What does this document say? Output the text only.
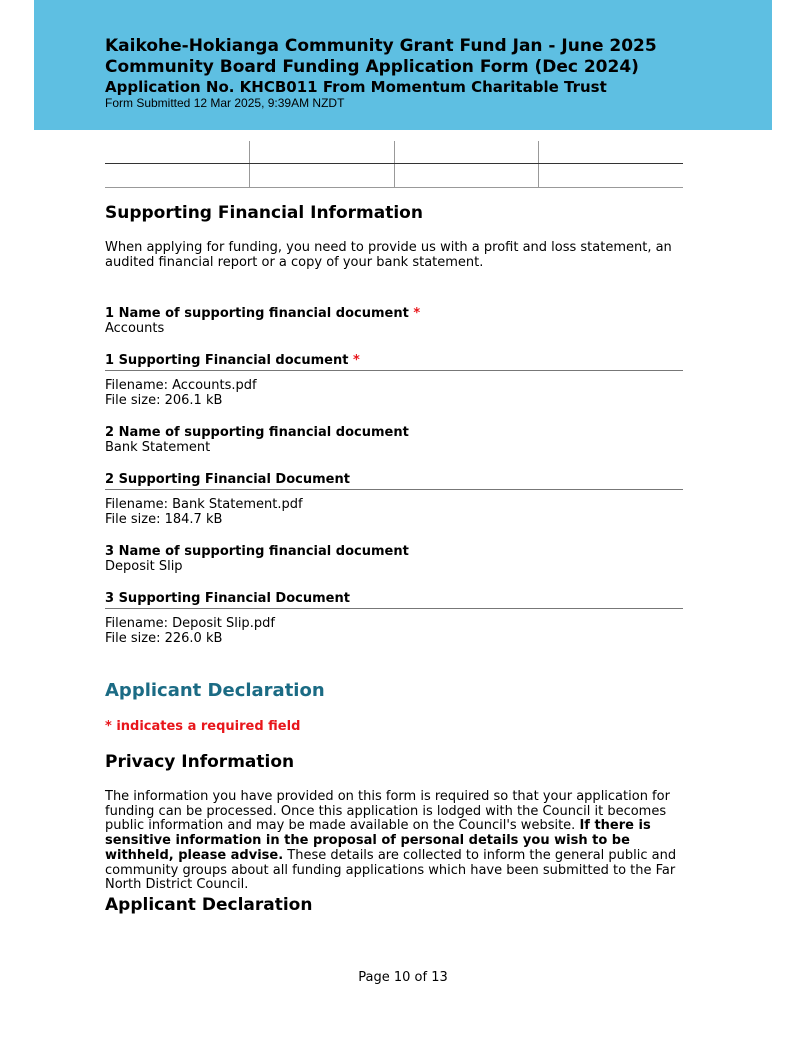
Kaikohe-Hokianga Community Grant Fund Jan - June 2025

Community Board Funding Application Form (Dec 2024)

Application No. KHCB011 From Momentum Charitable Trust

Form Submitted 12 Mar 2025, 9:39AM NZDT

Supporting Financial Information

When applying for funding, you need to provide us with a profit and loss statement, an audited financial report or a copy of your bank statement.

1 Name of supporting financial document *
Accounts
1 Supporting Financial document *
Filename: Accounts.pdf
File size: 206.1 kB
2 Name of supporting financial document
Bank Statement
2 Supporting Financial Document
Filename: Bank Statement.pdf
File size: 184.7 kB
3 Name of supporting financial document
Deposit Slip
3 Supporting Financial Document
Filename: Deposit Slip.pdf
File size: 226.0 kB
Applicant Declaration
* indicates a required field
Privacy Information

The information you have provided on this form is required so that your application for funding can be processed. Once this application is lodged with the Council it becomes public information and may be made available on the Council's website. If there is sensitive information in the proposal of personal details you wish to be withheld, please advise. These details are collected to inform the general public and community groups about all funding applications which have been submitted to the Far North District Council.

Applicant Declaration
Page 10 of 13
